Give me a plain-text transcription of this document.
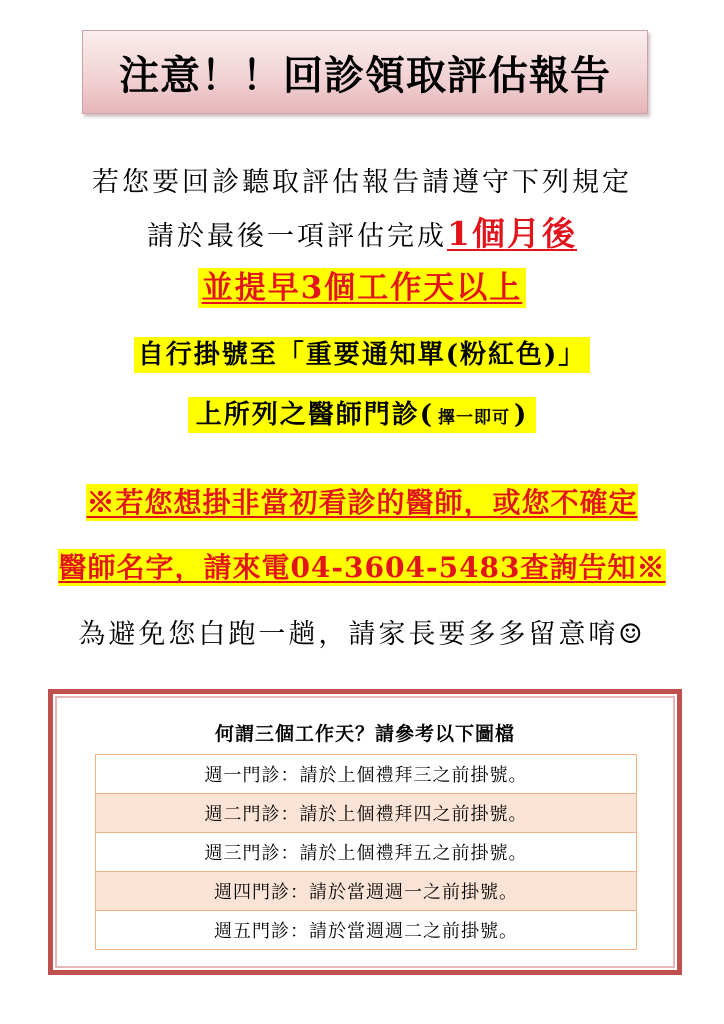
注意！！回診領取評估報告
若您要回診聽取評估報告請遵守下列規定
請於最後一項評估完成1個月後
並提早3個工作天以上
自行掛號至「重要通知單(粉紅色)」
上所列之醫師門診( 擇一即可 )
※若您想掛非當初看診的醫師，或您不確定
醫師名字，請來電04-3604-5483查詢告知※
為避免您白跑一趟，請家長要多多留意唷☺
何謂三個工作天？請參考以下圖檔
週一門診：請於上個禮拜三之前掛號。
週二門診：請於上個禮拜四之前掛號。
週三門診：請於上個禮拜五之前掛號。
週四門診：請於當週週一之前掛號。
週五門診：請於當週週二之前掛號。
